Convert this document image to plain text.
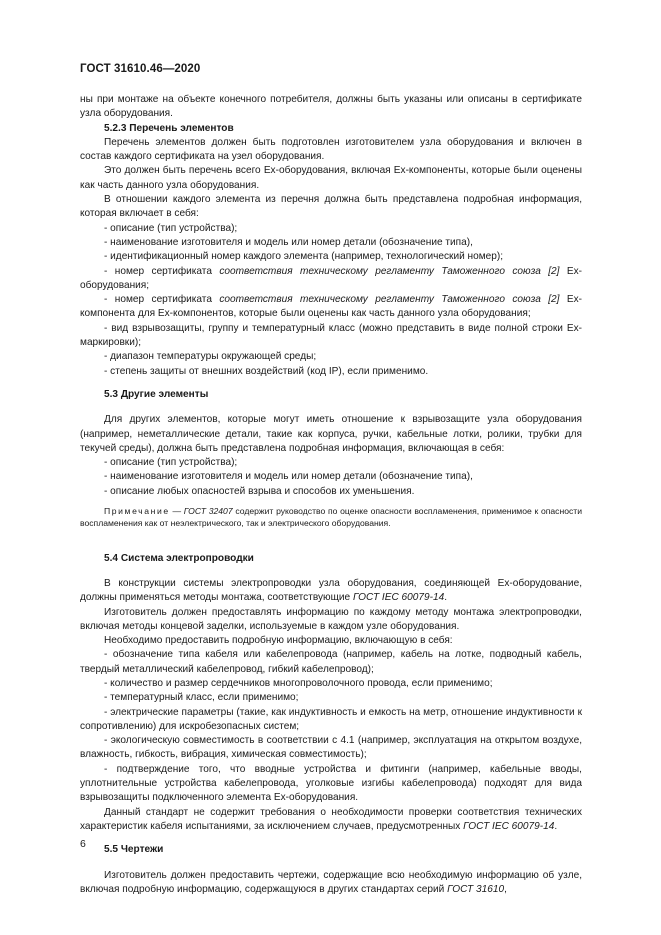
ГОСТ 31610.46—2020

ны при монтаже на объекте конечного потребителя, должны быть указаны или описаны в сертификате узла оборудования.

5.2.3 Перечень элементов

Перечень элементов должен быть подготовлен изготовителем узла оборудования и включен в состав каждого сертификата на узел оборудования.

Это должен быть перечень всего Ex-оборудования, включая Ex-компоненты, которые были оценены как часть данного узла оборудования.

В отношении каждого элемента из перечня должна быть представлена подробная информация, которая включает в себя:

- описание (тип устройства);

- наименование изготовителя и модель или номер детали (обозначение типа),

- идентификационный номер каждого элемента (например, технологический номер);

- номер сертификата соответствия техническому регламенту Таможенного союза [2] Ex-оборудования;

- номер сертификата соответствия техническому регламенту Таможенного союза [2] Ex-компонента для Ex-компонентов, которые были оценены как часть данного узла оборудования;

- вид взрывозащиты, группу и температурный класс (можно представить в виде полной строки Ex-маркировки);

- диапазон температуры окружающей среды;

- степень защиты от внешних воздействий (код IP), если применимо.

5.3 Другие элементы

Для других элементов, которые могут иметь отношение к взрывозащите узла оборудования (например, неметаллические детали, такие как корпуса, ручки, кабельные лотки, ролики, трубки для текучей среды), должна быть представлена подробная информация, включающая в себя:

- описание (тип устройства);

- наименование изготовителя и модель или номер детали (обозначение типа),

- описание любых опасностей взрыва и способов их уменьшения.

Примечание — ГОСТ 32407 содержит руководство по оценке опасности воспламенения, применимое к опасности воспламенения как от неэлектрического, так и электрического оборудования.

5.4 Система электропроводки

В конструкции системы электропроводки узла оборудования, соединяющей Ex-оборудование, должны применяться методы монтажа, соответствующие ГОСТ IEC 60079-14.

Изготовитель должен предоставлять информацию по каждому методу монтажа электропроводки, включая методы концевой заделки, используемые в каждом узле оборудования.

Необходимо предоставить подробную информацию, включающую в себя:

- обозначение типа кабеля или кабелепровода (например, кабель на лотке, подводный кабель, твердый металлический кабелепровод, гибкий кабелепровод);

- количество и размер сердечников многопроволочного провода, если применимо;

- температурный класс, если применимо;

- электрические параметры (такие, как индуктивность и емкость на метр, отношение индуктивности к сопротивлению) для искробезопасных систем;

- экологическую совместимость в соответствии с 4.1 (например, эксплуатация на открытом воздухе, влажность, гибкость, вибрация, химическая совместимость);

- подтверждение того, что вводные устройства и фитинги (например, кабельные вводы, уплотнительные устройства кабелепровода, уголковые изгибы кабелепровода) подходят для вида взрывозащиты подключенного элемента Ex-оборудования.

Данный стандарт не содержит требования о необходимости проверки соответствия технических характеристик кабеля испытаниями, за исключением случаев, предусмотренных ГОСТ IEC 60079-14.

5.5 Чертежи

Изготовитель должен предоставить чертежи, содержащие всю необходимую информацию об узле, включая подробную информацию, содержащуюся в других стандартах серий ГОСТ 31610,

6
